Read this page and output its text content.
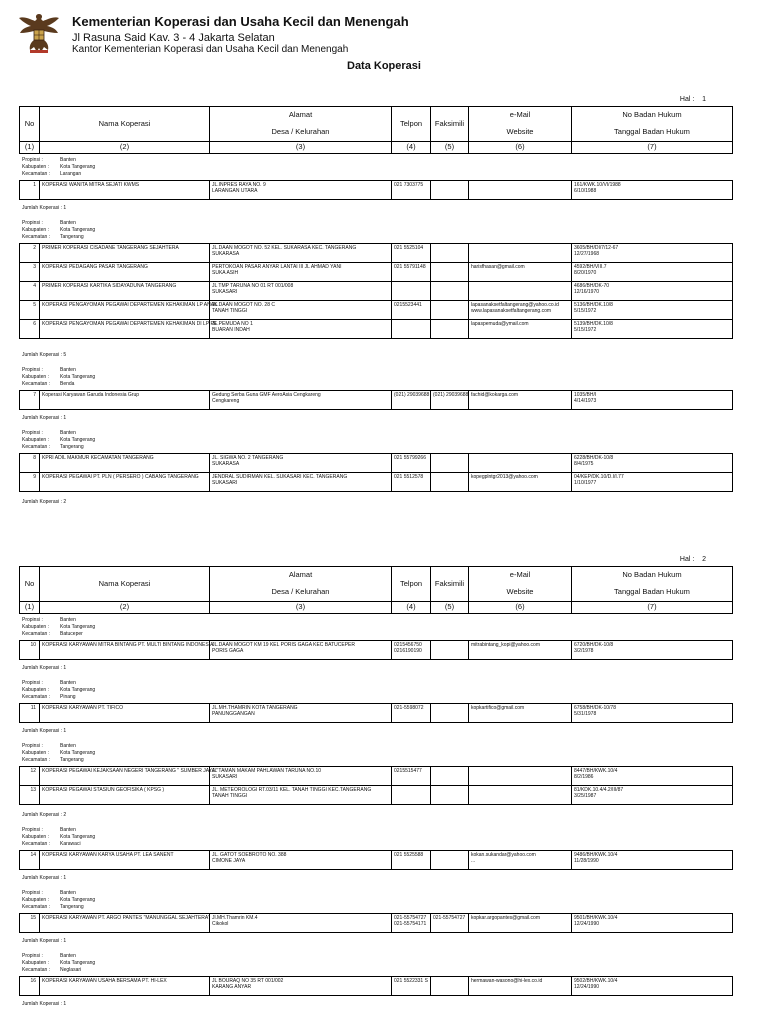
Kementerian Koperasi dan Usaha Kecil dan Menengah
Jl Rasuna Said Kav. 3 - 4 Jakarta Selatan
Kantor Kementerian Koperasi dan Usaha Kecil dan Menengah
Data Koperasi
Hal :    1
No	Nama Koperasi	Alamat
Desa / Kelurahan	Telpon	Faksimili	e-Mail
Website	No Badan Hukum
Tanggal Badan Hukum

(1)	(2)	(3)	(4)	(5)	(6)	(7)
Propinsi :	Banten
Kabupaten :	Kota Tangerang
Kecamatan :	Larangan
1	KOPERASI WANITA MITRA SEJATI KWMS	JL.INPRES RAYA NO. 9
LARANGAN UTARA	021 7303775			161/KWK.10/VI/1988
6/10/1988
Jumlah Koperasi : 1
Propinsi :	Banten
Kabupaten :	Kota Tangerang
Kecamatan :	Tangerang
2	PRIMER KOPERASI CISADANE TANGERANG SEJAHTERA	JL.DAAN MOGOT NO. 52 KEL. SUKARASA KEC. TANGERANG
SUKARASA	021 5525104			3605/BH/DI/7/12-67
12/27/1968
3	KOPERASI PEDAGANG PASAR TANGERANG	PERTOKOAN PASAR ANYAR LANTAI III JL AHMAD YANI
SUKA ASIH	021 55791148		harisfhasan@gmail.com	4592/BH/VIII.7
8/20/1970
4	PRIMER KOPERASI KARTIKA SIDAYADUNA TANGERANG	JL TMP TARUNA NO 01 RT 001/008
SUKASARI				4686/BH/DK-70
12/16/1970
5	KOPERASI PENGAYOMAN PEGAWAI DEPARTEMEN KEHAKIMAN LP ANAK	JL.DAAN MOGOT NO. 28 C
TANAH TINGGI	0215523441		lapasanaksetfaltangerang@yahoo.co.id
www.lapasanaksetfaltangerang.com	5136/BH/DK.10/8
5/15/1972
6	KOPERASI PENGAYOMAN PEGAWAI DEPARTEMEN KEHAKIMAN DI LP PE	JL.PEMUDA NO 1
BUARAN INDAH			lapaspemuda@ymail.com	5139/BH/DK.10/8
5/15/1972
Jumlah Koperasi : 5
Propinsi :	Banten
Kabupaten :	Kota Tangerang
Kecamatan :	Benda
7	Koperasi Karyawan Garuda Indonesia Grup	Gedung Serba Guna GMF AeroAsia Cengkareng
Cengkareng	(021) 29039688	(021) 29039688	fachid@kokarga.com	1035/BH/I
4/14/1973
Jumlah Koperasi : 1
Propinsi :	Banten
Kabupaten :	Kota Tangerang
Kecamatan :	Tangerang
8	KPRI ADIL MAKMUR KECAMATAN TANGERANG	JL. SIGWA NO. 2 TANGERANG
SUKARASA	021 55799266			6228/BH/DK-10/8
8/4/1975
9	KOPERASI PEGAWAI PT. PLN ( PERSERO ) CABANG TANGERANG	JENDRAL SUDIRMAN KEL. SUKASARI KEC. TANGERANG
SUKASARI	021 5512578		kopegplntgr2013@yahoo.com	04/KEP/DK.10/D.I/I.77
1/10/1977
Jumlah Koperasi : 2
Hal :    2
No	Nama Koperasi	Alamat
Desa / Kelurahan	Telpon	Faksimili	e-Mail
Website	No Badan Hukum
Tanggal Badan Hukum

(1)	(2)	(3)	(4)	(5)	(6)	(7)
Propinsi :	Banten
Kabupaten :	Kota Tangerang
Kecamatan :	Batuceper
10	KOPERASI KARYAWAN MITRA BINTANG PT. MULTI BINTANG INDONESIA	JL.DAAN MOGOT KM 19 KEL PORIS GAGA KEC BATUCEPER
PORIS GAGA	0215456750
0216190190		mitrabintang_kopi@yahoo.com	6720/BH/DK-10/8
3/2/1978
Jumlah Koperasi : 1
Propinsi :	Banten
Kabupaten :	Kota Tangerang
Kecamatan :	Pinang
11	KOPERASI KARYAWAN PT. TIFICO	JL.MH.THAMRIN KOTA TANGERANG
PANUNGGANGAN	021-5598072		kopkartifico@gmail.com	6758/BH/DK-10/78
5/31/1978
Jumlah Koperasi : 1
Propinsi :	Banten
Kabupaten :	Kota Tangerang
Kecamatan :	Tangerang
12	KOPERASI PEGAWAI KEJAKSAAN NEGERI TANGERANG " SUMBER JAYA "	JL TAMAN MAKAM PAHLAWAN TARUNA NO.10
SUKASARI	0215515477			8447/BH/KWK.10/4
8/2/1986
13	KOPERASI PEGAWAI STASIUN GEOFISIKA ( KPSG )	JL. METEOROLOGI RT.03/11 KEL. TANAH TINGGI KEC.TANGERANG
TANAH TINGGI				81/KDK.10.4/4.2/III/87
3/25/1987
Jumlah Koperasi : 2
Propinsi :	Banten
Kabupaten :	Kota Tangerang
Kecamatan :	Karawaci
14	KOPERASI KARYAWAN KARYA USAHA PT. LEA SANENT	JL. GATOT SOEBROTO NO. 388
CIMONE JAYA	021 5525588		kokan.sukandar@yahoo.com
...	9486/BH/KWK.10/4
11/28/1990
Jumlah Koperasi : 1
Propinsi :	Banten
Kabupaten :	Kota Tangerang
Kecamatan :	Tangerang
15	KOPERASI KARYAWAN PT. ARGO PANTES "MANUNGGAL SEJAHTERA"	Jl.MH.Thamrin KM.4
Cikokol	021-55754727
021-55754171	021-55754727	kopkar.argopantes@gmail.com	9501/BH/KWK.10/4
12/24/1990
Jumlah Koperasi : 1
Propinsi :	Banten
Kabupaten :	Kota Tangerang
Kecamatan :	Neglasari
16	KOPERASI KARYAWAN USAHA BERSAMA PT. HI-LEX	JL BOURAQ NO 35 RT 001/002
KARANG ANYAR	021 5522331 S		hermawan-wasono@hi-lex.co.id	9502/BH/KWK.10/4
12/24/1990
Jumlah Koperasi : 1
